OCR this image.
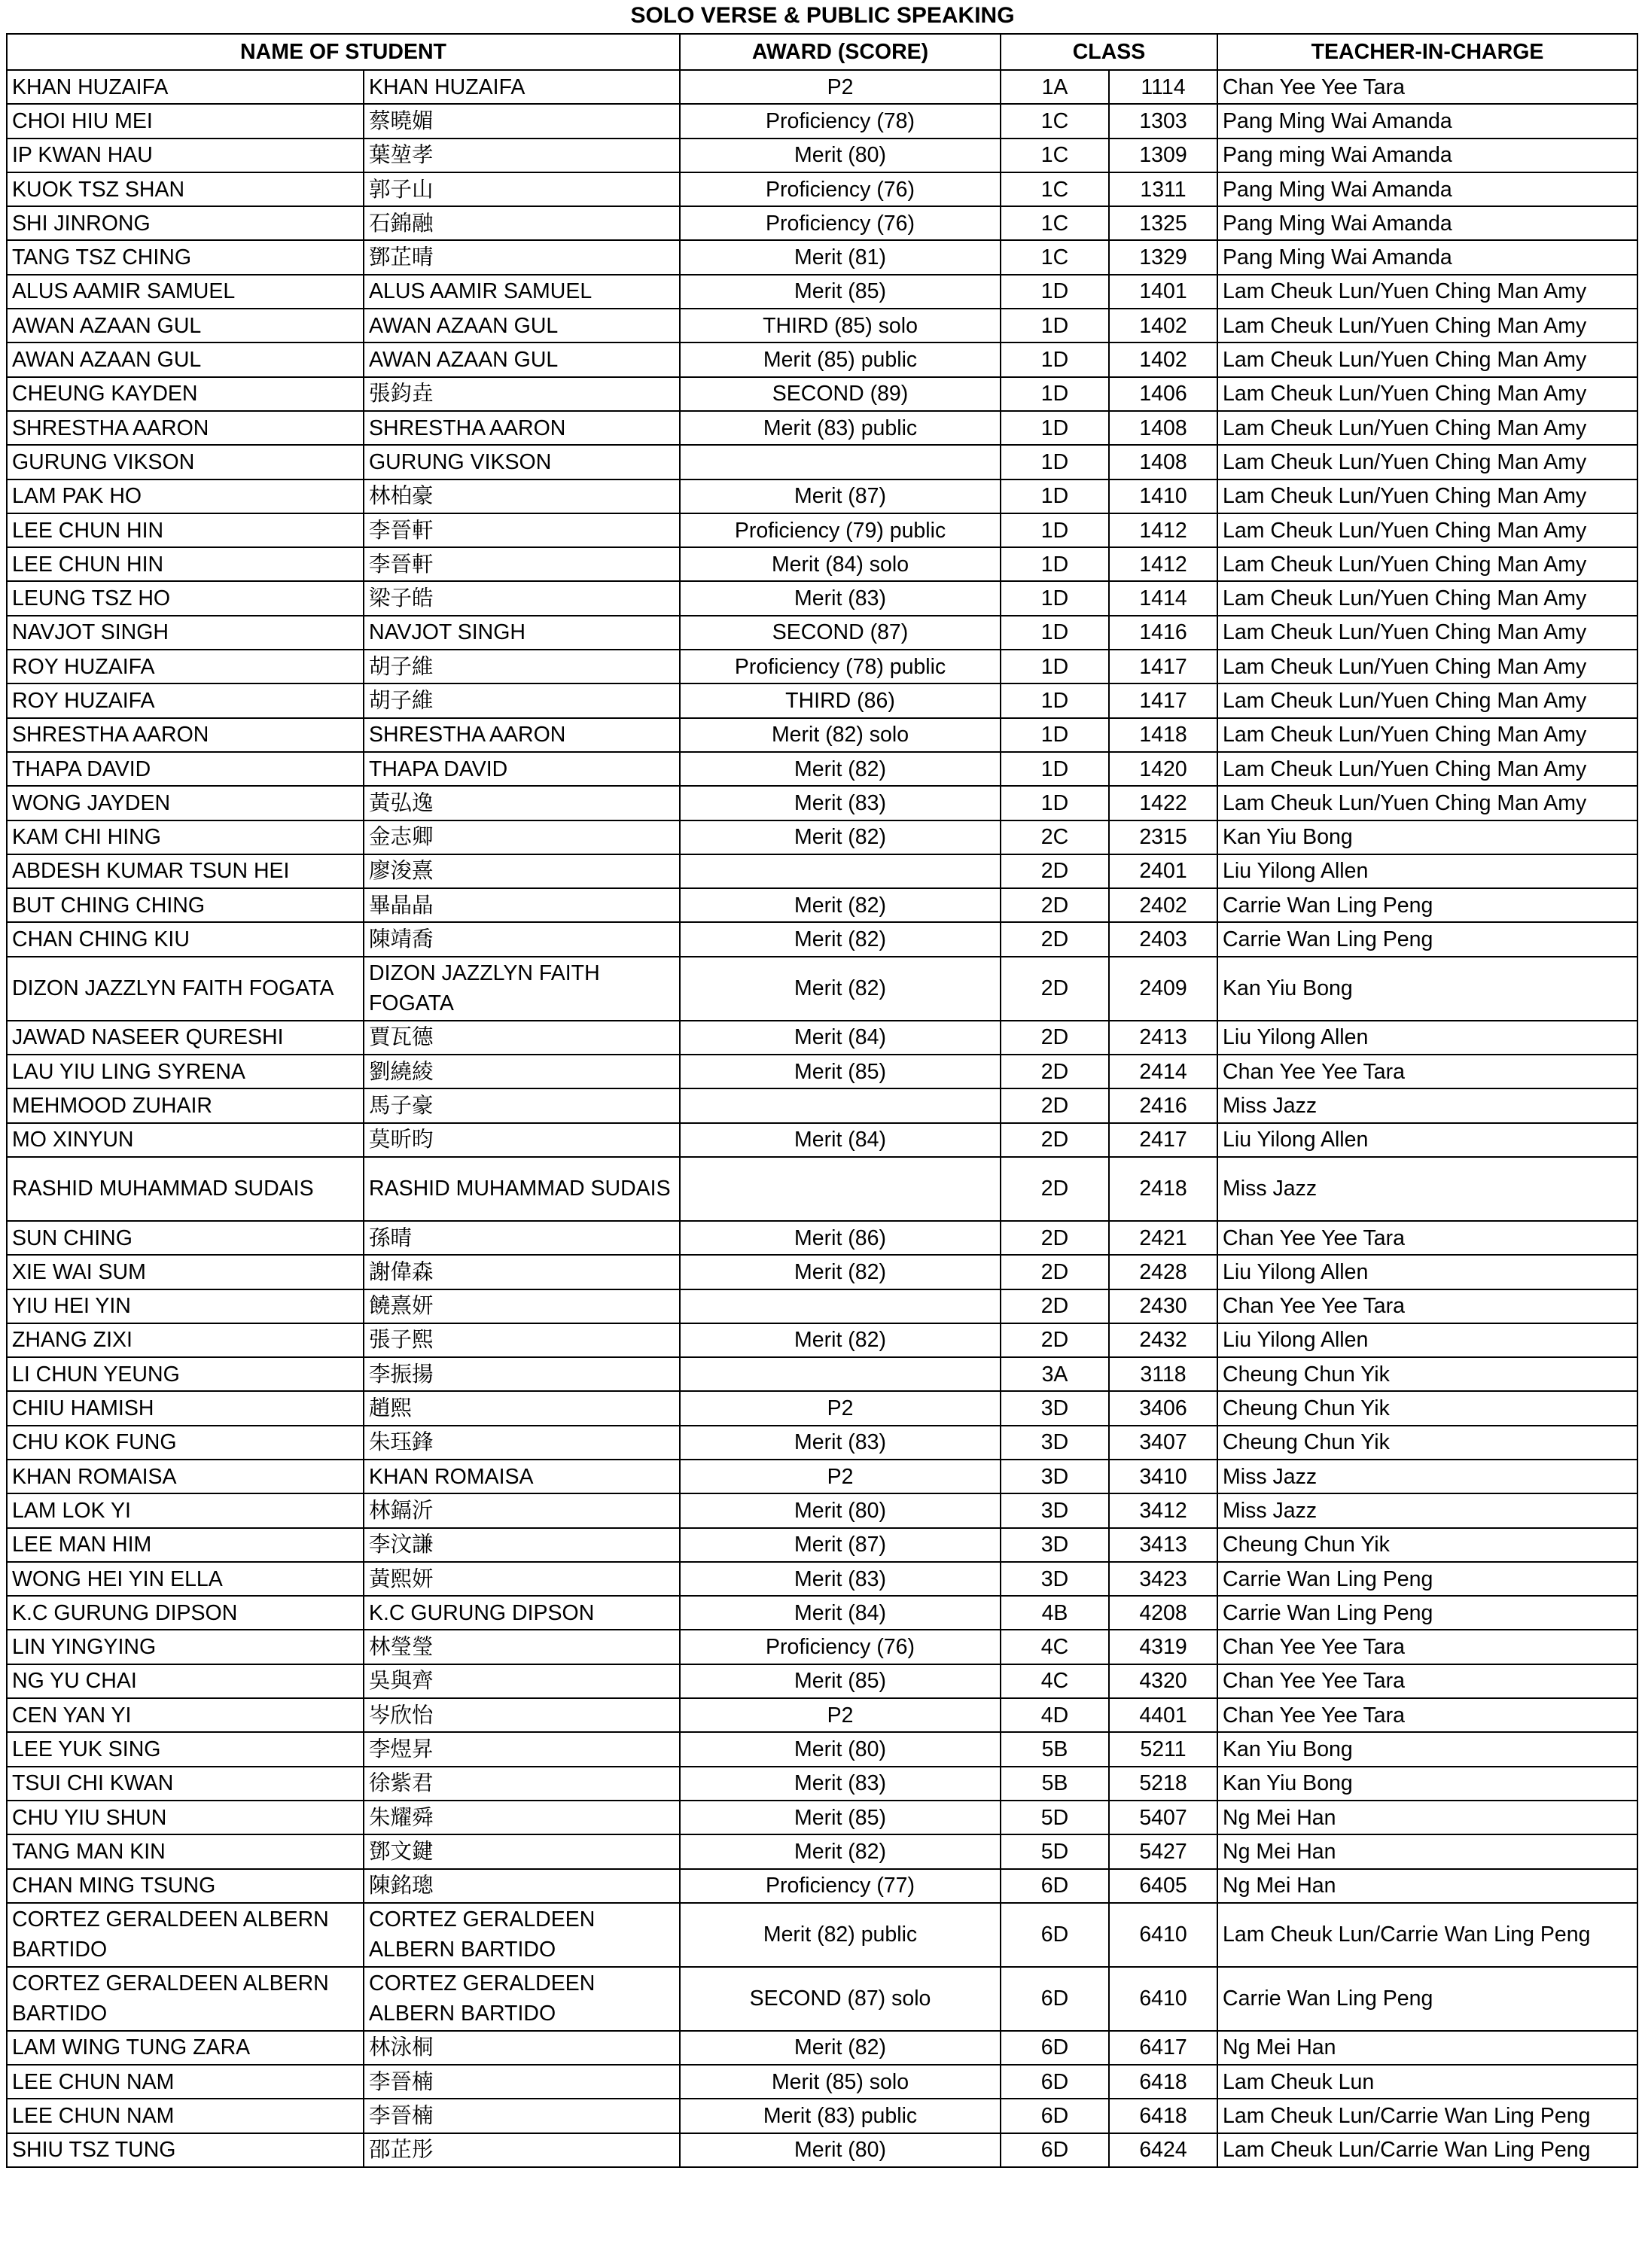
SOLO VERSE & PUBLIC SPEAKING
NAME OF STUDENT		AWARD (SCORE)	CLASS		TEACHER-IN-CHARGE
KHAN HUZAIFA	KHAN HUZAIFA	P2	1A	1114	Chan Yee Yee Tara
CHOI HIU MEI	蔡曉媚	Proficiency (78)	1C	1303	Pang Ming Wai Amanda
IP KWAN HAU	葉堃孝	Merit (80)	1C	1309	Pang ming Wai Amanda
KUOK TSZ SHAN	郭子山	Proficiency (76)	1C	1311	Pang Ming Wai Amanda
SHI JINRONG	石錦融	Proficiency (76)	1C	1325	Pang Ming Wai Amanda
TANG TSZ CHING	鄧芷晴	Merit (81)	1C	1329	Pang Ming Wai Amanda
ALUS AAMIR SAMUEL	ALUS AAMIR SAMUEL	Merit (85)	1D	1401	Lam Cheuk Lun/Yuen Ching Man Amy
AWAN AZAAN GUL	AWAN AZAAN GUL	THIRD (85) solo	1D	1402	Lam Cheuk Lun/Yuen Ching Man Amy
AWAN AZAAN GUL	AWAN AZAAN GUL	Merit (85) public	1D	1402	Lam Cheuk Lun/Yuen Ching Man Amy
CHEUNG KAYDEN	張鈞垚	SECOND (89)	1D	1406	Lam Cheuk Lun/Yuen Ching Man Amy
SHRESTHA AARON	SHRESTHA AARON	Merit (83) public	1D	1408	Lam Cheuk Lun/Yuen Ching Man Amy
GURUNG VIKSON	GURUNG VIKSON		1D	1408	Lam Cheuk Lun/Yuen Ching Man Amy
LAM PAK HO	林柏豪	Merit (87)	1D	1410	Lam Cheuk Lun/Yuen Ching Man Amy
LEE CHUN HIN	李晉軒	Proficiency (79) public	1D	1412	Lam Cheuk Lun/Yuen Ching Man Amy
LEE CHUN HIN	李晉軒	Merit (84) solo	1D	1412	Lam Cheuk Lun/Yuen Ching Man Amy
LEUNG TSZ HO	梁子皓	Merit (83)	1D	1414	Lam Cheuk Lun/Yuen Ching Man Amy
NAVJOT SINGH	NAVJOT SINGH	SECOND (87)	1D	1416	Lam Cheuk Lun/Yuen Ching Man Amy
ROY HUZAIFA	胡子維	Proficiency (78) public	1D	1417	Lam Cheuk Lun/Yuen Ching Man Amy
ROY HUZAIFA	胡子維	THIRD (86)	1D	1417	Lam Cheuk Lun/Yuen Ching Man Amy
SHRESTHA AARON	SHRESTHA AARON	Merit (82) solo	1D	1418	Lam Cheuk Lun/Yuen Ching Man Amy
THAPA DAVID	THAPA DAVID	Merit (82)	1D	1420	Lam Cheuk Lun/Yuen Ching Man Amy
WONG JAYDEN	黃弘逸	Merit (83)	1D	1422	Lam Cheuk Lun/Yuen Ching Man Amy
KAM CHI HING	金志卿	Merit (82)	2C	2315	Kan Yiu Bong
ABDESH KUMAR TSUN HEI	廖浚熹		2D	2401	Liu Yilong Allen
BUT CHING CHING	畢晶晶	Merit (82)	2D	2402	Carrie Wan Ling Peng
CHAN CHING KIU	陳靖喬	Merit (82)	2D	2403	Carrie Wan Ling Peng
DIZON JAZZLYN FAITH FOGATA	DIZON JAZZLYN FAITH FOGATA	Merit (82)	2D	2409	Kan Yiu Bong
JAWAD NASEER QURESHI	賈瓦德	Merit (84)	2D	2413	Liu Yilong Allen
LAU YIU LING SYRENA	劉繞綾	Merit (85)	2D	2414	Chan Yee Yee Tara
MEHMOOD ZUHAIR	馬子豪		2D	2416	Miss Jazz
MO XINYUN	莫昕昀	Merit (84)	2D	2417	Liu Yilong Allen
RASHID MUHAMMAD SUDAIS	RASHID MUHAMMAD SUDAIS		2D	2418	Miss Jazz
SUN CHING	孫晴	Merit (86)	2D	2421	Chan Yee Yee Tara
XIE WAI SUM	謝偉森	Merit (82)	2D	2428	Liu Yilong Allen
YIU HEI YIN	饒熹妍		2D	2430	Chan Yee Yee Tara
ZHANG ZIXI	張子熙	Merit (82)	2D	2432	Liu Yilong Allen
LI CHUN YEUNG	李振揚		3A	3118	Cheung Chun Yik
CHIU HAMISH	趙熙	P2	3D	3406	Cheung Chun Yik
CHU KOK FUNG	朱珏鋒	Merit (83)	3D	3407	Cheung Chun Yik
KHAN ROMAISA	KHAN ROMAISA	P2	3D	3410	Miss Jazz
LAM LOK YI	林鎘沂	Merit (80)	3D	3412	Miss Jazz
LEE MAN HIM	李汶謙	Merit (87)	3D	3413	Cheung Chun Yik
WONG HEI YIN ELLA	黃熙妍	Merit (83)	3D	3423	Carrie Wan Ling Peng
K.C GURUNG DIPSON	K.C GURUNG DIPSON	Merit (84)	4B	4208	Carrie Wan Ling Peng
LIN YINGYING	林瑩瑩	Proficiency (76)	4C	4319	Chan Yee Yee Tara
NG YU CHAI	吳與齊	Merit (85)	4C	4320	Chan Yee Yee Tara
CEN YAN YI	岑欣怡	P2	4D	4401	Chan Yee Yee Tara
LEE YUK SING	李煜昇	Merit (80)	5B	5211	Kan Yiu Bong
TSUI CHI KWAN	徐紫君	Merit (83)	5B	5218	Kan Yiu Bong
CHU YIU SHUN	朱耀舜	Merit (85)	5D	5407	Ng Mei Han
TANG MAN KIN	鄧文鍵	Merit (82)	5D	5427	Ng Mei Han
CHAN MING TSUNG	陳銘璁	Proficiency (77)	6D	6405	Ng Mei Han
CORTEZ GERALDEEN ALBERN BARTIDO	CORTEZ GERALDEEN ALBERN BARTIDO	Merit (82) public	6D	6410	Lam Cheuk Lun/Carrie Wan Ling Peng
CORTEZ GERALDEEN ALBERN BARTIDO	CORTEZ GERALDEEN ALBERN BARTIDO	SECOND (87) solo	6D	6410	Carrie Wan Ling Peng
LAM WING TUNG ZARA	林泳桐	Merit (82)	6D	6417	Ng Mei Han
LEE CHUN NAM	李晉楠	Merit (85) solo	6D	6418	Lam Cheuk Lun
LEE CHUN NAM	李晉楠	Merit (83) public	6D	6418	Lam Cheuk Lun/Carrie Wan Ling Peng
SHIU TSZ TUNG	邵芷彤	Merit (80)	6D	6424	Lam Cheuk Lun/Carrie Wan Ling Peng
